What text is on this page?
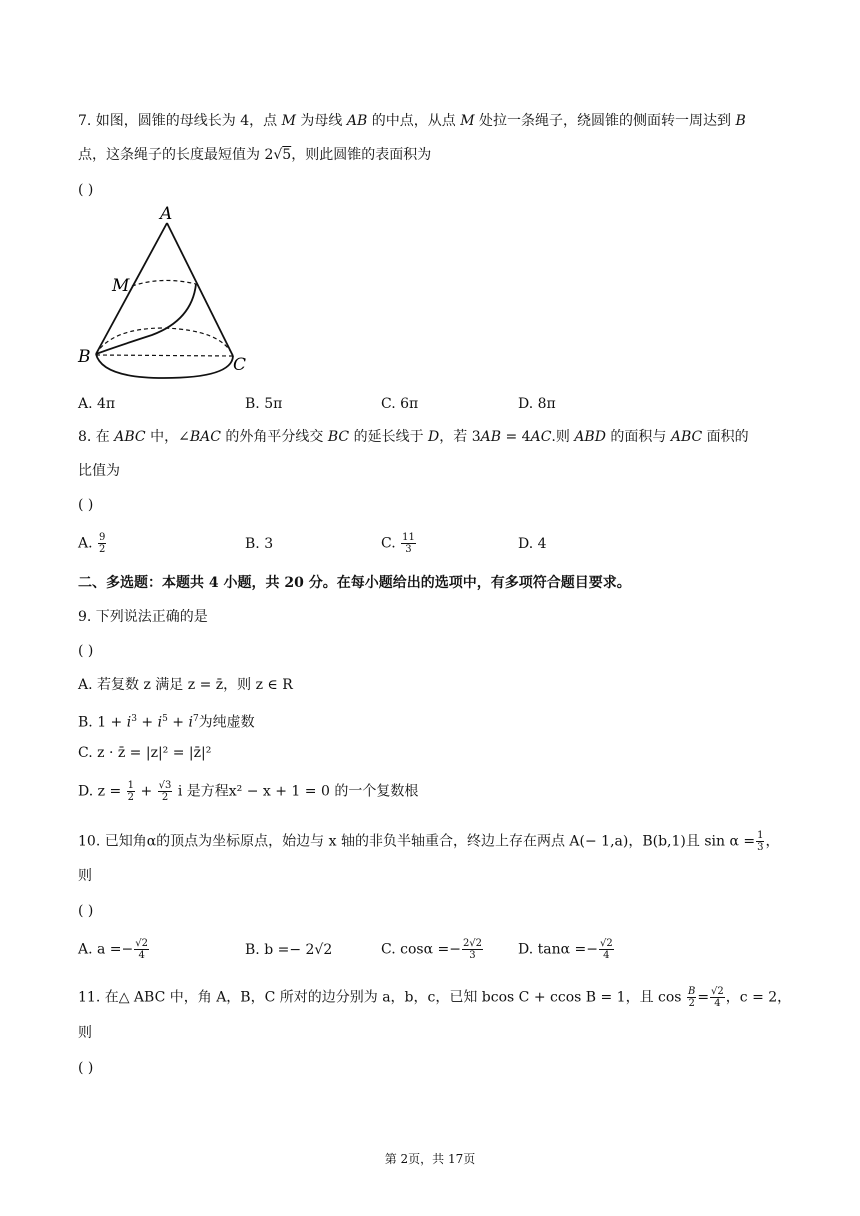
7. 如图，圆锥的母线长为 4，点 M 为母线 AB 的中点，从点 M 处拉一条绳子，绕圆锥的侧面转一周达到 B
点，这条绳子的长度最短值为 2√5，则此圆锥的表面积为
( )
A
M
B	C
A. 4π	B. 5π	C. 6π	D. 8π
8. 在 ABC 中，∠BAC 的外角平分线交 BC 的延长线于 D，若 3AB = 4AC.则 ABD 的面积与 ABC 面积的
比值为
( )
A. $\frac{9}{2}$	B. 3	C. $\frac{11}{3}$	D. 4
二、多选题：本题共 4 小题，共 20 分。在每小题给出的选项中，有多项符合题目要求。
9. 下列说法正确的是
( )
A. 若复数 z 满足 z = z̄，则 z ∈ R
B. $1 + i^3 + i^5 + i^7$为纯虚数
C. z · z̄ = |z|² = |z̄|²
D. $z = \frac{1}{2} + \frac{√3}{2}$ i 是方程x² − x + 1 = 0 的一个复数根
10. 已知角α的顶点为坐标原点，始边与 x 轴的非负半轴重合，终边上存在两点 A(− 1,a)，B(b,1)且 $\sin \alpha = \frac{1}{3}$ ，
则
( )
A. $a =- \frac{√2}{4}$	B. b =− 2√2	C. $\cos\alpha =- \frac{2√2}{3} D$. $\tan\alpha =- \frac{√2}{4}$
11. 在△ ABC 中，角 A，B，C 所对的边分别为 a，b，c，已知 bcos C + ccos B = 1，且 $\cos \frac{B}{2} = \frac{√2}{4}$ ，c = 2，
则
( )
第 2页，共 17页
